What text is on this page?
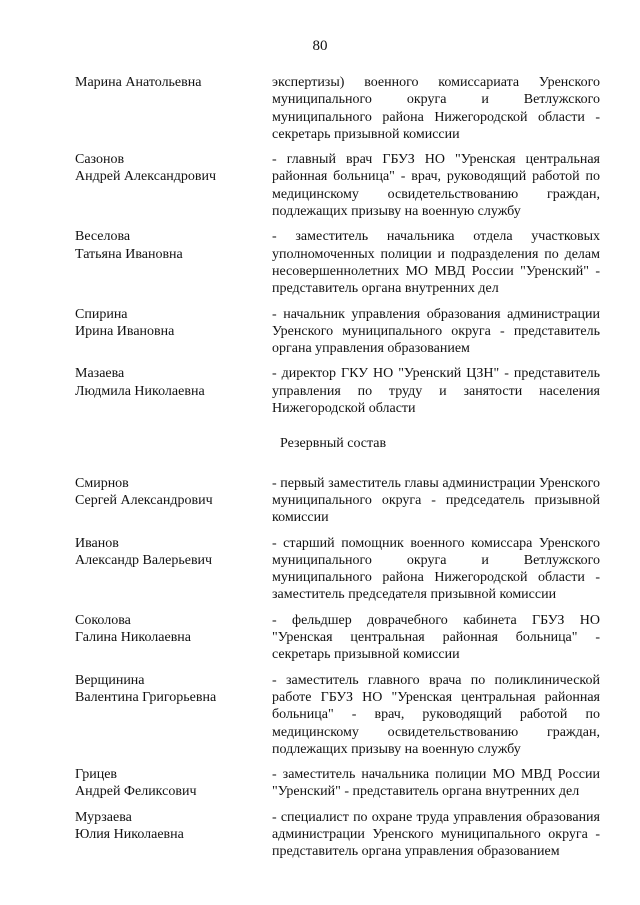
80
Марина Анатольевна	экспертизы) военного комиссариата Уренского муниципального округа и Ветлужского муниципального района Нижегородской области - секретарь призывной комиссии
Сазонов
Андрей Александрович
- главный врач ГБУЗ НО "Уренская центральная районная больница" - врач, руководящий работой по медицинскому освидетельствованию граждан, подлежащих призыву на военную службу
Веселова
Татьяна Ивановна
- заместитель начальника отдела участковых уполномоченных полиции и подразделения по делам несовершеннолетних МО МВД России "Уренский" - представитель органа внутренних дел
Спирина
Ирина Ивановна
- начальник управления образования администрации Уренского муниципального округа - представитель органа управления образованием
Мазаева
Людмила Николаевна
- директор ГКУ НО "Уренский ЦЗН" - представитель управления по труду и занятости населения Нижегородской области
Резервный состав
Смирнов
Сергей Александрович
- первый заместитель главы администрации Уренского муниципального округа - председатель призывной комиссии
Иванов
Александр Валерьевич
- старший помощник военного комиссара Уренского муниципального округа и Ветлужского муниципального района Нижегородской области - заместитель председателя призывной комиссии
Соколова
Галина Николаевна
- фельдшер доврачебного кабинета ГБУЗ НО "Уренская центральная районная больница" - секретарь призывной комиссии
Верщинина
Валентина Григорьевна
- заместитель главного врача по поликлинической работе ГБУЗ НО "Уренская центральная районная больница" - врач, руководящий работой по медицинскому освидетельствованию граждан, подлежащих призыву на военную службу
Грицев
Андрей Феликсович
- заместитель начальника полиции МО МВД России "Уренский" - представитель органа внутренних дел
Мурзаева
Юлия Николаевна
- специалист по охране труда управления образования администрации Уренского муниципального округа - представитель органа управления образованием
